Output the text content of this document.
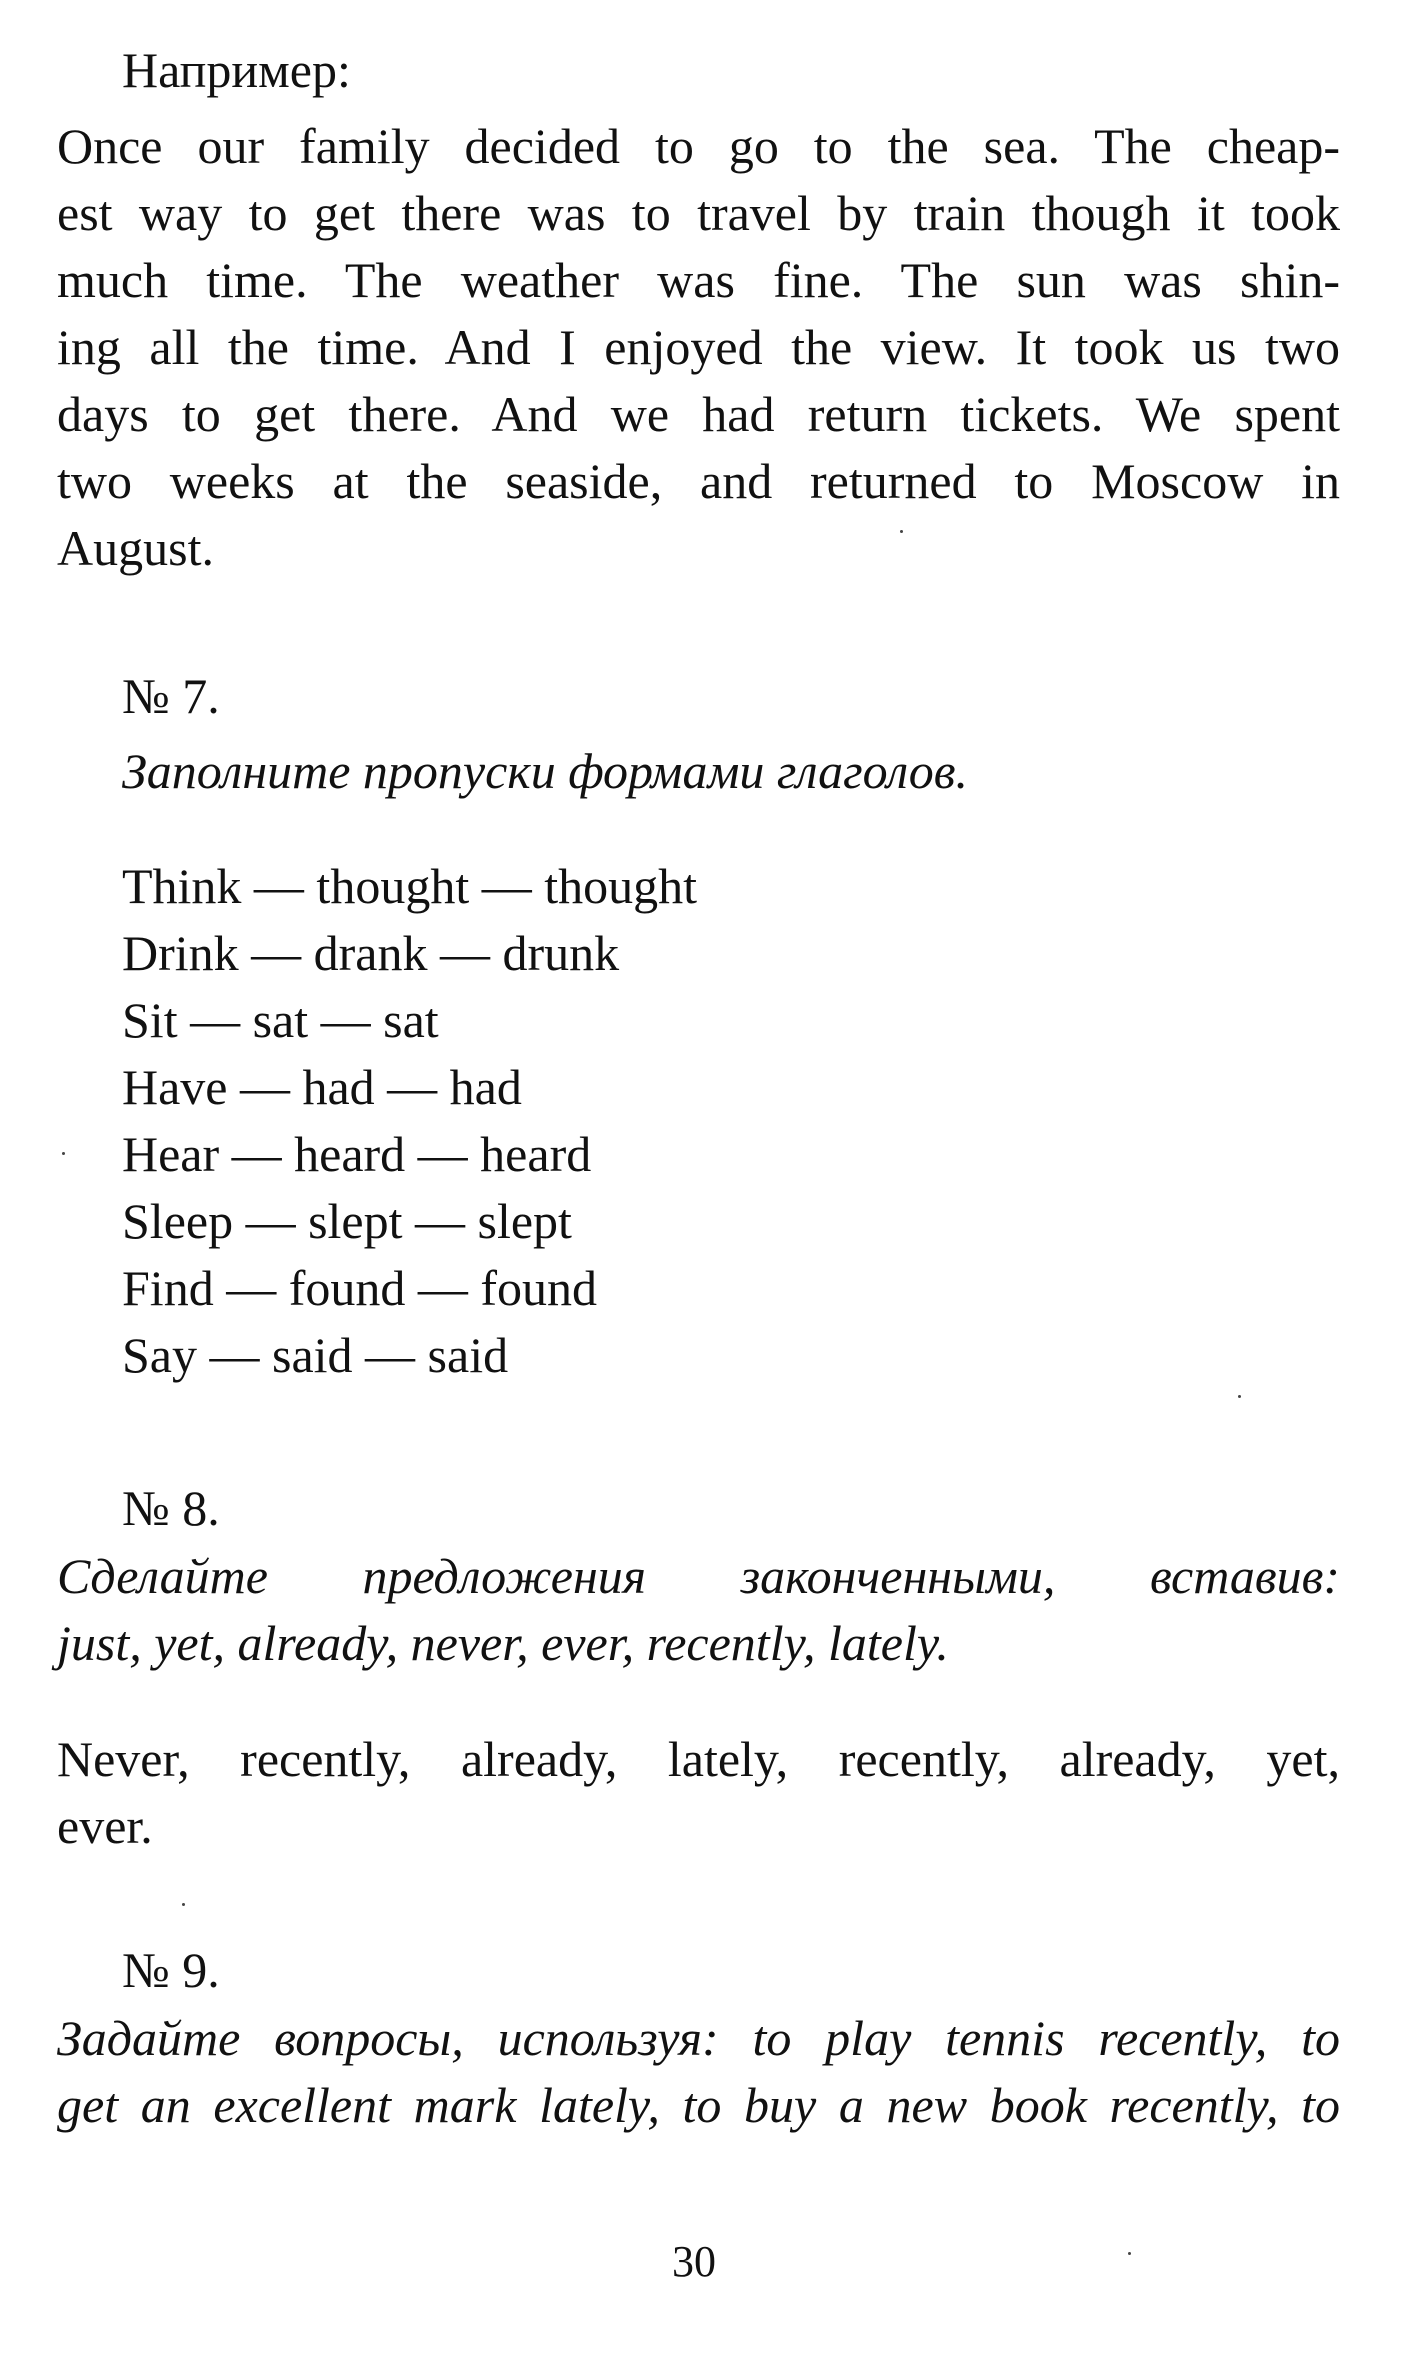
Например:

Once our family decided to go to the sea. The cheap-

est way to get there was to travel by train though it took

much time. The weather was fine. The sun was shin-

ing all the time. And I enjoyed the view. It took us two

days to get there. And we had return tickets. We spent

two weeks at the seaside, and returned to Moscow in

August.

№ 7.

Заполните пропуски формами глаголов.

Think — thought — thought

Drink — drank — drunk

Sit — sat — sat

Have — had — had

Hear — heard — heard

Sleep — slept — slept

Find — found — found

Say — said — said

№ 8.

Сделайте предложения законченными, вставив:

just, yet, already, never, ever, recently, lately.

Never, recently, already, lately, recently, already, yet,

ever.

№ 9.

Задайте вопросы, используя: to play tennis recently, to

get an excellent mark lately, to buy a new book recently, to

30
